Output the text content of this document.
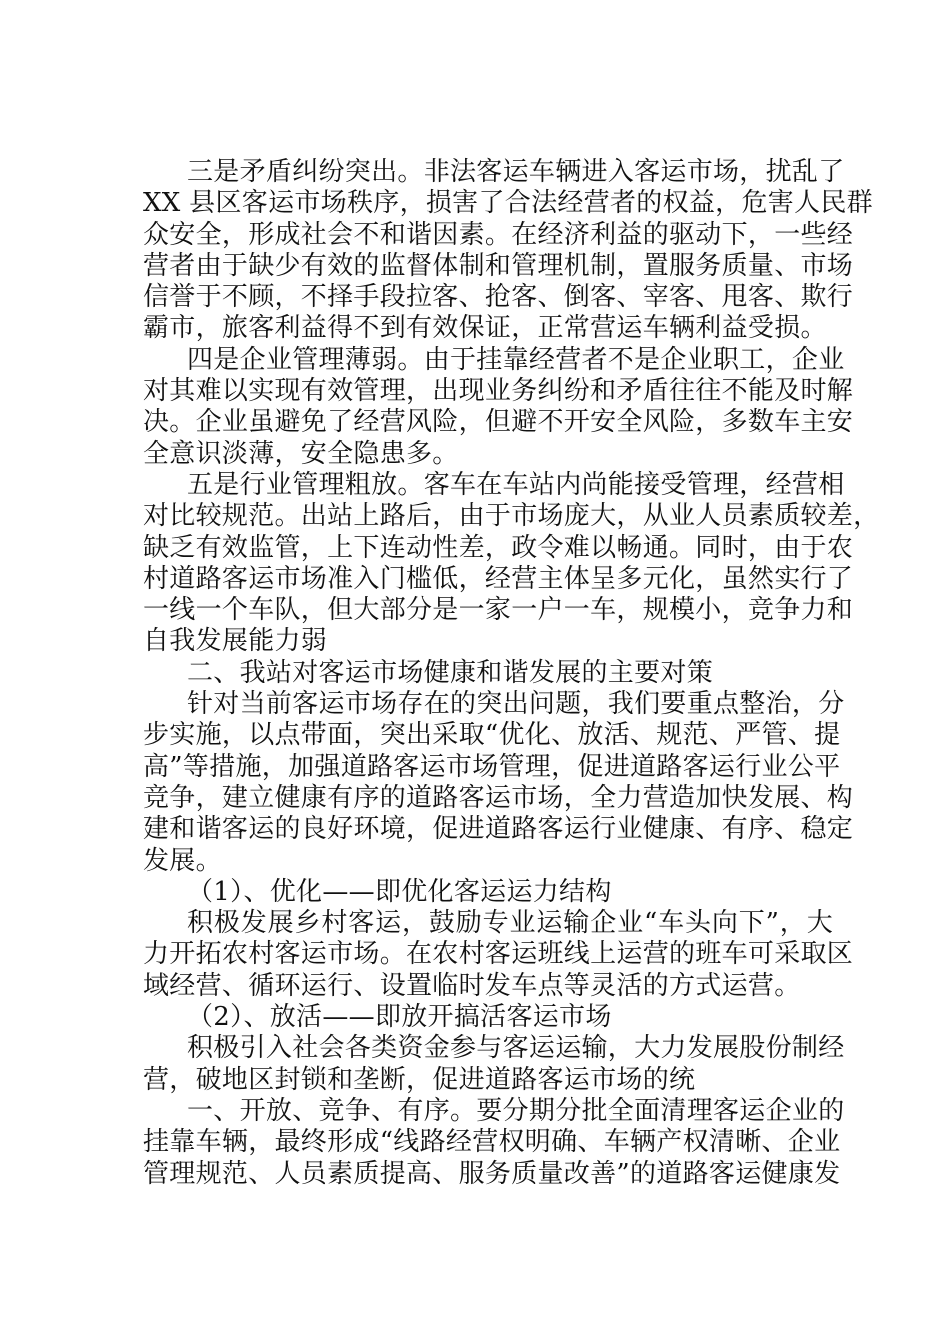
三是矛盾纠纷突出。非法客运车辆进入客运市场，扰乱了
XX 县区客运市场秩序，损害了合法经营者的权益，危害人民群
众安全，形成社会不和谐因素。在经济利益的驱动下，一些经
营者由于缺少有效的监督体制和管理机制，置服务质量、市场
信誉于不顾，不择手段拉客、抢客、倒客、宰客、甩客、欺行
霸市，旅客利益得不到有效保证，正常营运车辆利益受损。
四是企业管理薄弱。由于挂靠经营者不是企业职工，企业
对其难以实现有效管理，出现业务纠纷和矛盾往往不能及时解
决。企业虽避免了经营风险，但避不开安全风险，多数车主安
全意识淡薄，安全隐患多。
五是行业管理粗放。客车在车站内尚能接受管理，经营相
对比较规范。出站上路后，由于市场庞大，从业人员素质较差，
缺乏有效监管，上下连动性差，政令难以畅通。同时，由于农
村道路客运市场准入门槛低，经营主体呈多元化，虽然实行了
一线一个车队，但大部分是一家一户一车，规模小，竞争力和
自我发展能力弱
二、我站对客运市场健康和谐发展的主要对策
针对当前客运市场存在的突出问题，我们要重点整治，分
步实施，以点带面，突出采取“优化、放活、规范、严管、提
高”等措施，加强道路客运市场管理，促进道路客运行业公平
竞争，建立健康有序的道路客运市场，全力营造加快发展、构
建和谐客运的良好环境，促进道路客运行业健康、有序、稳定
发展。
（1）、优化——即优化客运运力结构
积极发展乡村客运，鼓励专业运输企业“车头向下”，大
力开拓农村客运市场。在农村客运班线上运营的班车可采取区
域经营、循环运行、设置临时发车点等灵活的方式运营。
（2）、放活——即放开搞活客运市场
积极引入社会各类资金参与客运运输，大力发展股份制经
营，破地区封锁和垄断，促进道路客运市场的统
一、开放、竞争、有序。要分期分批全面清理客运企业的
挂靠车辆，最终形成“线路经营权明确、车辆产权清晰、企业
管理规范、人员素质提高、服务质量改善”的道路客运健康发
